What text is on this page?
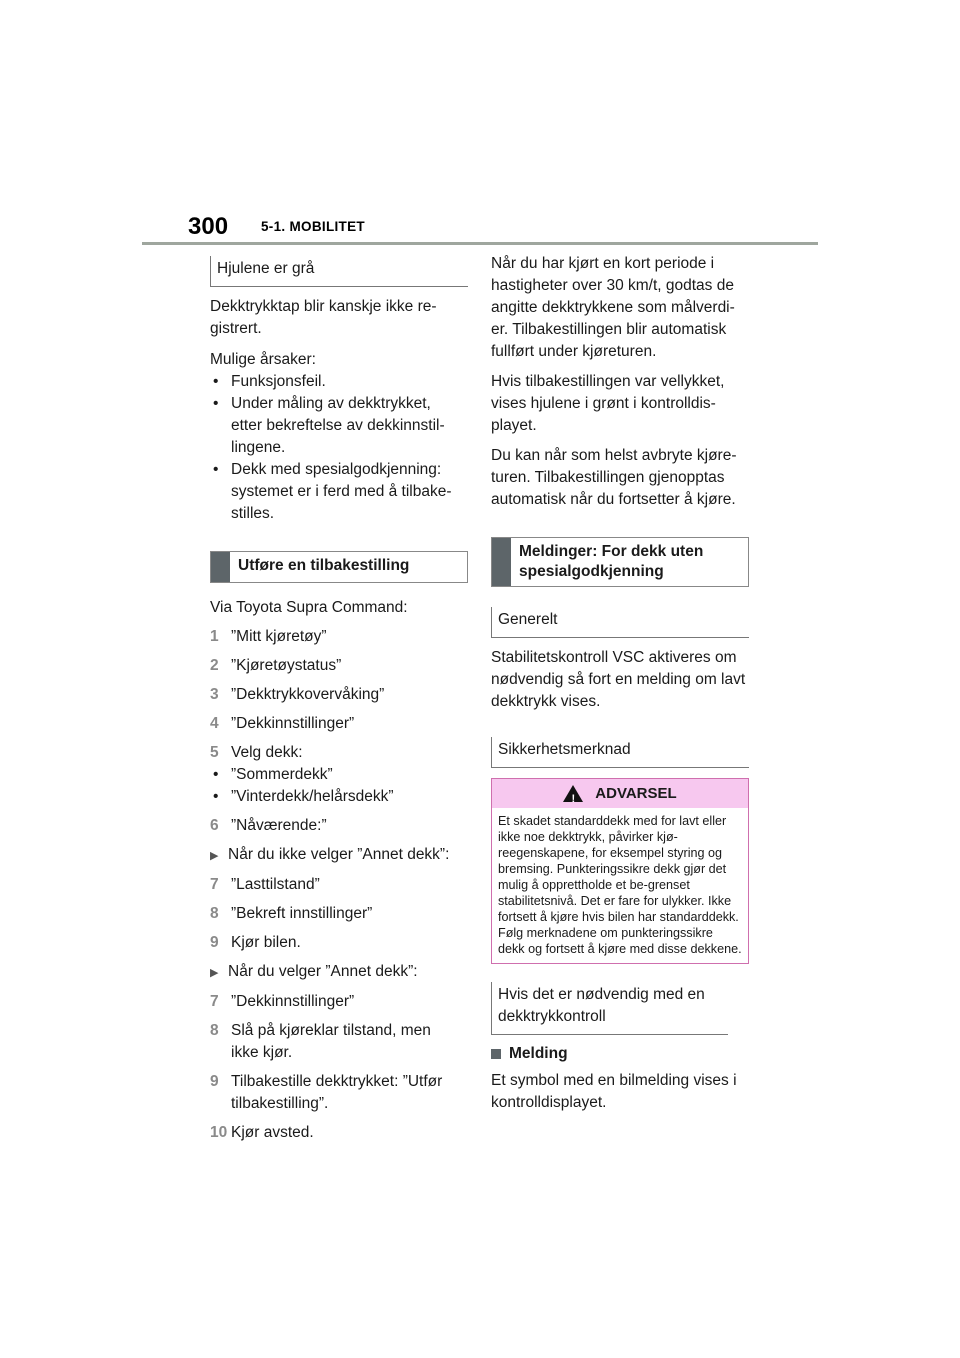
300 5-1. MOBILITET
Hjulene er grå

Dekktrykktap blir kanskje ikke re-gistrert.

Mulige årsaker:

• Funksjonsfeil.
• Under måling av dekktrykket, etter bekreftelse av dekkinnstil-lingene.
• Dekk med spesialgodkjenning: systemet er i ferd med å tilbake-stilles.
Utføre en tilbakestilling

Via Toyota Supra Command:

1 ”Mitt kjøretøy”
2 ”Kjøretøystatus”
3 ”Dekktrykkovervåking”
4 ”Dekkinnstillinger”
5 Velg dekk:
• ”Sommerdekk”
• ”Vinterdekk/helårsdekk”
6 ”Nåværende:”
▶ Når du ikke velger ”Annet dekk”:
7 ”Lasttilstand”
8 ”Bekreft innstillinger”
9 Kjør bilen.
▶ Når du velger ”Annet dekk”:
7 ”Dekkinnstillinger”
8 Slå på kjøreklar tilstand, men ikke kjør.
9 Tilbakestille dekktrykket: ”Utfør tilbakestilling”.
10 Kjør avsted.

Når du har kjørt en kort periode i hastigheter over 30 km/t, godtas de angitte dekktrykkene som målverdi-er. Tilbakestillingen blir automatisk fullført under kjøreturen.

Hvis tilbakestillingen var vellykket, vises hjulene i grønt i kontrolldis-playet.

Du kan når som helst avbryte kjøre-turen. Tilbakestillingen gjenopptas automatisk når du fortsetter å kjøre.

Meldinger: For dekk uten spesialgodkjenning
Generelt

Stabilitetskontroll VSC aktiveres om nødvendig så fort en melding om lavt dekktrykk vises.

Sikkerhetsmerknad
! ADVARSEL
Et skadet standarddekk med for lavt eller ikke noe dekktrykk, påvirker kjø-reegenskapene, for eksempel styring og bremsing. Punkteringssikre dekk gjør det mulig å opprettholde et be-grenset stabilitetsnivå. Det er fare for ulykker. Ikke fortsett å kjøre hvis bilen har standarddekk. Følg merknadene om punkteringssikre dekk og fortsett å kjøre med disse dekkene.
Hvis det er nødvendig med en dekktrykkontroll
Melding

Et symbol med en bilmelding vises i kontrolldisplayet.
